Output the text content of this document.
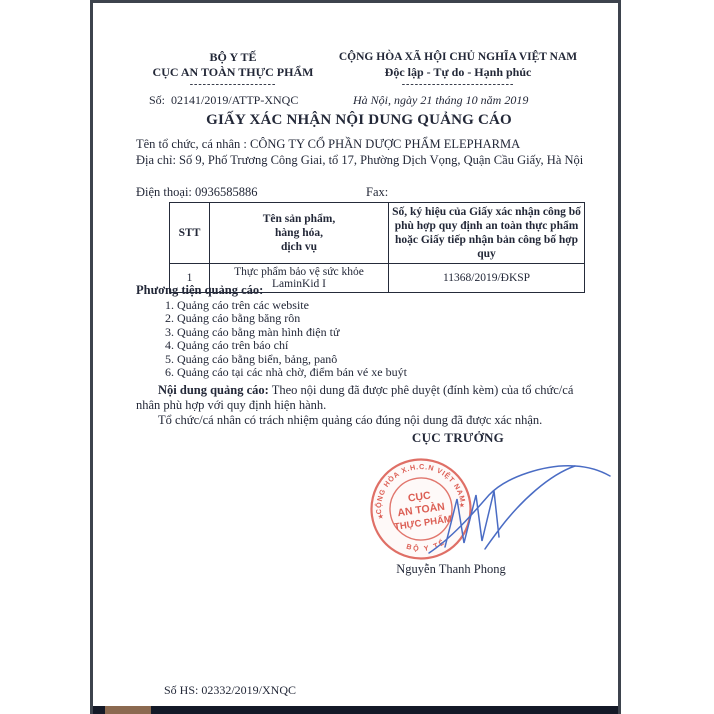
BỘ Y TẾ
CỤC AN TOÀN THỰC PHẨM
--------------------
CỘNG HÒA XÃ HỘI CHỦ NGHĨA VIỆT NAM
Độc lập - Tự do - Hạnh phúc
--------------------------
Số: 02141/2019/ATTP-XNQC	Hà Nội, ngày 21 tháng 10 năm 2019
GIẤY XÁC NHẬN NỘI DUNG QUẢNG CÁO
Tên tổ chức, cá nhân : CÔNG TY CỔ PHẦN DƯỢC PHẨM ELEPHARMA
Địa chỉ: Số 9, Phố Trương Công Giai, tổ 17, Phường Dịch Vọng, Quận Cầu Giấy, Hà Nội
Điện thoại: 0936585886	Fax:
STT	Tên sản phẩm,
hàng hóa,
dịch vụ	Số, ký hiệu của Giấy xác nhận công bố phù hợp quy định an toàn thực phẩm hoặc Giấy tiếp nhận bản công bố hợp quy
1	Thực phẩm bảo vệ sức khỏe LaminKid I	11368/2019/ĐKSP
Phương tiện quảng cáo:
1. Quảng cáo trên các website
2. Quảng cáo bằng băng rôn
3. Quảng cáo bằng màn hình điện tử
4. Quảng cáo trên báo chí
5. Quảng cáo bằng biển, bảng, panô
6. Quảng cáo tại các nhà chờ, điểm bán vé xe buýt
Nội dung quảng cáo: Theo nội dung đã được phê duyệt (đính kèm) của tổ chức/cá nhân phù hợp với quy định hiện hành.
Tổ chức/cá nhân có trách nhiệm quảng cáo đúng nội dung đã được xác nhận.
CỤC TRƯỞNG
CỘNG HÒA X.H.C.N VIỆT NAM
BỘ Y TẾ
★
★
CỤC
AN TOÀN
THỰC PHẨM
Nguyễn Thanh Phong
Số HS: 02332/2019/XNQC
